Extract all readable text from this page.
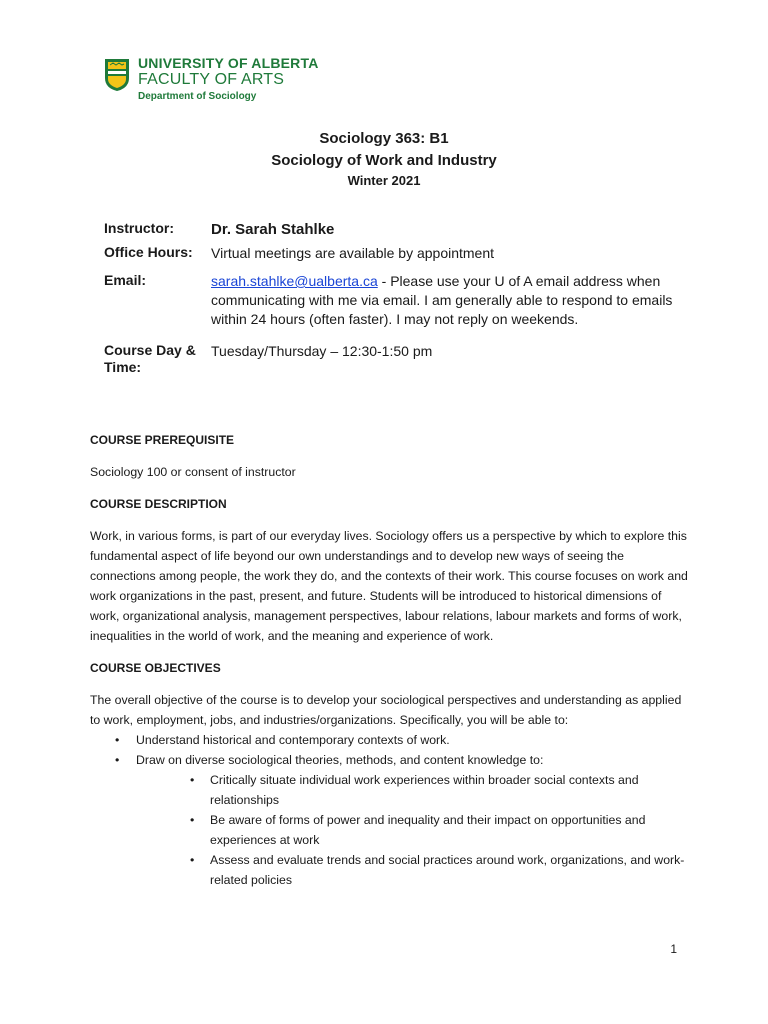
UNIVERSITY OF ALBERTA
FACULTY OF ARTS
Department of Sociology
Sociology 363: B1
Sociology of Work and Industry
Winter 2021
Instructor:	Dr. Sarah Stahlke
Office Hours:	Virtual meetings are available by appointment
Email:	sarah.stahlke@ualberta.ca - Please use your U of A email address when communicating with me via email. I am generally able to respond to emails within 24 hours (often faster). I may not reply on weekends.
Course Day & Time:
Tuesday/Thursday – 12:30-1:50 pm

COURSE PREREQUISITE

Sociology 100 or consent of instructor

COURSE DESCRIPTION

Work, in various forms, is part of our everyday lives. Sociology offers us a perspective by which to explore this fundamental aspect of life beyond our own understandings and to develop new ways of seeing the connections among people, the work they do, and the contexts of their work. This course focuses on work and work organizations in the past, present, and future. Students will be introduced to historical dimensions of work, organizational analysis, management perspectives, labour relations, labour markets and forms of work, inequalities in the world of work, and the meaning and experience of work.

COURSE OBJECTIVES

The overall objective of the course is to develop your sociological perspectives and understanding as applied to work, employment, jobs, and industries/organizations. Specifically, you will be able to:

• Understand historical and contemporary contexts of work.
• Draw on diverse sociological theories, methods, and content knowledge to:
• Critically situate individual work experiences within broader social contexts and relationships
• Be aware of forms of power and inequality and their impact on opportunities and experiences at work
• Assess and evaluate trends and social practices around work, organizations, and work-related policies
1
